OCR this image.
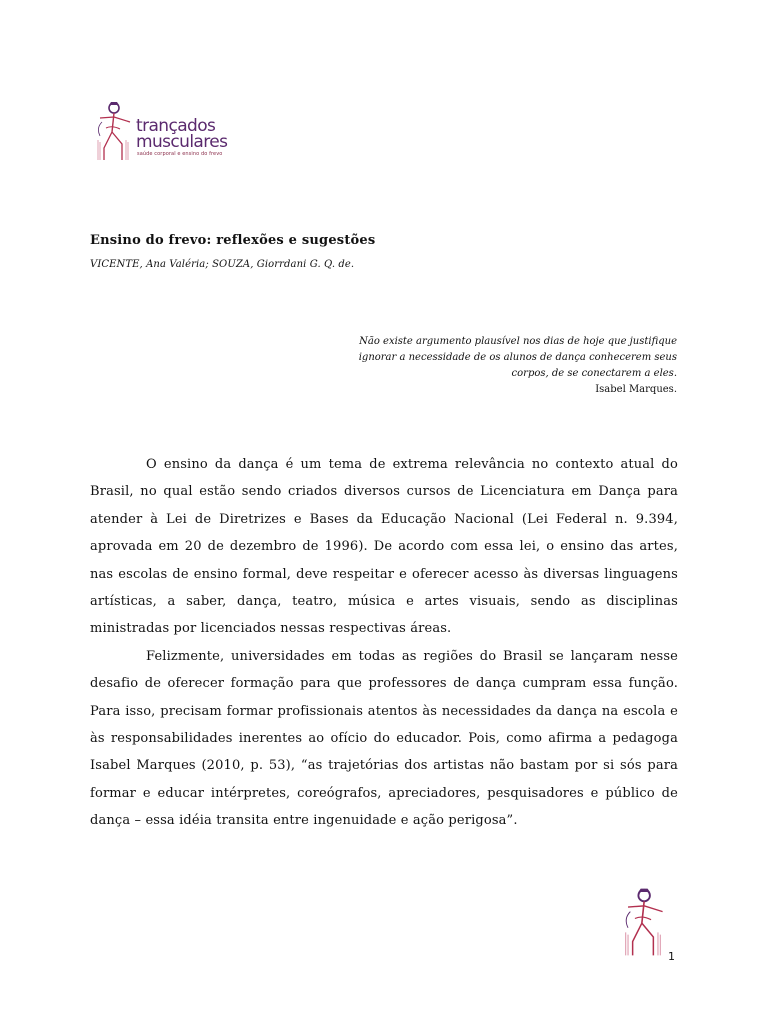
trançados
musculares
saúde corporal e ensino do frevo
Ensino do frevo: reflexões e sugestões

VICENTE, Ana Valéria; SOUZA, Giorrdani G. Q. de.

Não existe argumento plausível nos dias de hoje que justifique
ignorar a necessidade de os alunos de dança conhecerem seus
corpos, de se conectarem a eles.
Isabel Marques.

O ensino da dança é um tema de extrema relevância no contexto atual do Brasil, no qual estão sendo criados diversos cursos de Licenciatura em Dança para atender à Lei de Diretrizes e Bases da Educação Nacional (Lei Federal n. 9.394, aprovada em 20 de dezembro de 1996). De acordo com essa lei, o ensino das artes, nas escolas de ensino formal, deve respeitar e oferecer acesso às diversas linguagens artísticas, a saber, dança, teatro, música e artes visuais, sendo as disciplinas ministradas por licenciados nessas respectivas áreas.

Felizmente, universidades em todas as regiões do Brasil se lançaram nesse desafio de oferecer formação para que professores de dança cumpram essa função. Para isso, precisam formar profissionais atentos às necessidades da dança na escola e às responsabilidades inerentes ao ofício do educador. Pois, como afirma a pedagoga Isabel Marques (2010, p. 53), “as trajetórias dos artistas não bastam por si sós para formar e educar intérpretes, coreógrafos, apreciadores, pesquisadores e público de dança – essa idéia transita entre ingenuidade e ação perigosa”.

1
